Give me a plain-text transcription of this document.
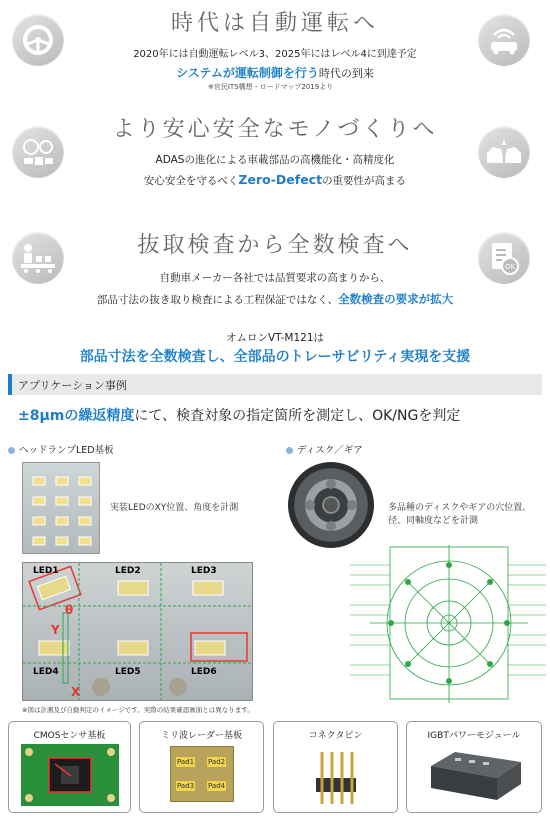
時代は自動運転へ
2020年には自動運転レベル3、2025年にはレベル4に到達予定
システムが運転制御を行う時代の到来
※官民ITS構想・ロードマップ2019より
より安心安全なモノづくりへ
ADASの進化による車載部品の高機能化・高精度化
安心安全を守るべくZero-Defectの重要性が高まる
OK
抜取検査から全数検査へ
自動車メーカー各社では品質要求の高まりから、
部品寸法の抜き取り検査による工程保証ではなく、全数検査の要求が拡大
オムロンVT-M121は
部品寸法を全数検査し、全部品のトレーサビリティ実現を支援
アプリケーション事例
±8μmの繰返精度にて、検査対象の指定箇所を測定し、OK/NGを判定
ヘッドランプLED基板	ディスク／ギア
実装LEDのXY位置、角度を計測
LED1	LED2	LED3
LED4	LED5	LED6
θ
Y
X
※図は計測及び自動判定のイメージです。実際の結果確認画面とは異なります。
多品種のディスクやギアの穴位置、
径、同軸度などを計測
CMOSセンサ基板	ミリ波レーダー基板
Pad1 Pad2
Pad3 Pad4
コネクタピン	IGBTパワーモジュール
